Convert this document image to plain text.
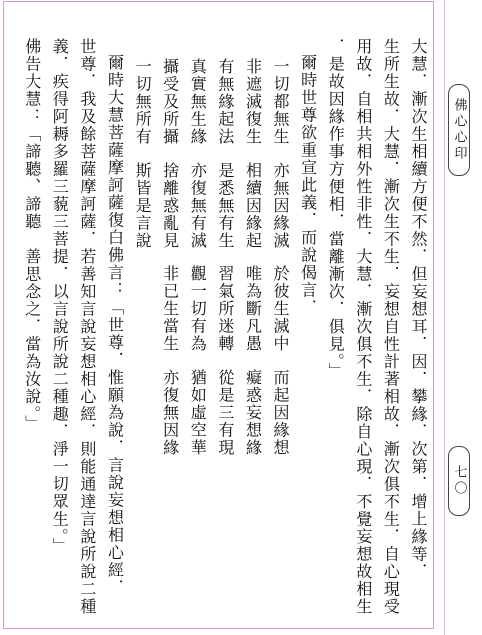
佛心心印
七〇
大慧．漸次生相續方便不然．但妄想耳．因．攀緣．次第．增上緣等．
生所生故．大慧．漸次生不生．妄想自性計著相故．漸次俱不生．自心現受
用故．自相共相外性非性．大慧．漸次俱不生．除自心現．不覺妄想故相生
．是故因緣作事方便相．當離漸次．俱見。」
爾時世尊欲重宣此義．而說偈言．
一切都無生亦無因緣滅於彼生滅中而起因緣想
非遮滅復生相續因緣起唯為斷凡愚癡惑妄想緣
有無緣起法是悉無有生習氣所迷轉從是三有現
真實無生緣亦復無有滅觀一切有為猶如虛空華
攝受及所攝捨離惑亂見非已生當生亦復無因緣
一切無所有斯皆是言說
爾時大慧菩薩摩訶薩復白佛言：「世尊．惟願為說．言說妄想相心經．
世尊．我及餘菩薩摩訶薩．若善知言說妄想相心經．則能通達言說所說二種
義．疾得阿耨多羅三藐三菩提．以言說所說二種趣．淨一切眾生。」
佛告大慧：「諦聽、諦聽　善思念之．當為汝說。」
